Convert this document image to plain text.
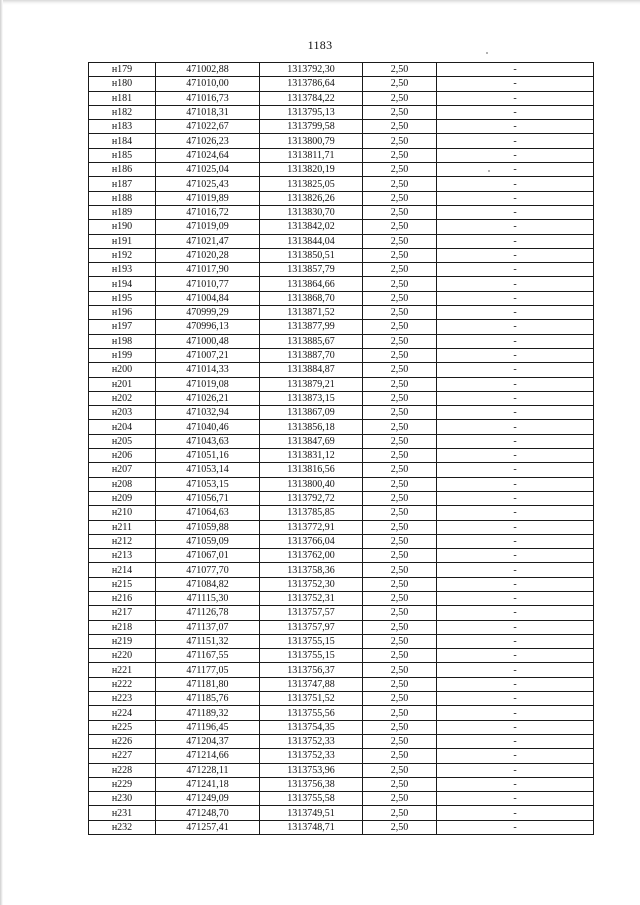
1183
н179	471002,88	1313792,30	2,50	-
н180	471010,00	1313786,64	2,50	-
н181	471016,73	1313784,22	2,50	-
н182	471018,31	1313795,13	2,50	-
н183	471022,67	1313799,58	2,50	-
н184	471026,23	1313800,79	2,50	-
н185	471024,64	1313811,71	2,50	-
н186	471025,04	1313820,19	2,50	-
н187	471025,43	1313825,05	2,50	-
н188	471019,89	1313826,26	2,50	-
н189	471016,72	1313830,70	2,50	-
н190	471019,09	1313842,02	2,50	-
н191	471021,47	1313844,04	2,50	-
н192	471020,28	1313850,51	2,50	-
н193	471017,90	1313857,79	2,50	-
н194	471010,77	1313864,66	2,50	-
н195	471004,84	1313868,70	2,50	-
н196	470999,29	1313871,52	2,50	-
н197	470996,13	1313877,99	2,50	-
н198	471000,48	1313885,67	2,50	-
н199	471007,21	1313887,70	2,50	-
н200	471014,33	1313884,87	2,50	-
н201	471019,08	1313879,21	2,50	-
н202	471026,21	1313873,15	2,50	-
н203	471032,94	1313867,09	2,50	-
н204	471040,46	1313856,18	2,50	-
н205	471043,63	1313847,69	2,50	-
н206	471051,16	1313831,12	2,50	-
н207	471053,14	1313816,56	2,50	-
н208	471053,15	1313800,40	2,50	-
н209	471056,71	1313792,72	2,50	-
н210	471064,63	1313785,85	2,50	-
н211	471059,88	1313772,91	2,50	-
н212	471059,09	1313766,04	2,50	-
н213	471067,01	1313762,00	2,50	-
н214	471077,70	1313758,36	2,50	-
н215	471084,82	1313752,30	2,50	-
н216	471115,30	1313752,31	2,50	-
н217	471126,78	1313757,57	2,50	-
н218	471137,07	1313757,97	2,50	-
н219	471151,32	1313755,15	2,50	-
н220	471167,55	1313755,15	2,50	-
н221	471177,05	1313756,37	2,50	-
н222	471181,80	1313747,88	2,50	-
н223	471185,76	1313751,52	2,50	-
н224	471189,32	1313755,56	2,50	-
н225	471196,45	1313754,35	2,50	-
н226	471204,37	1313752,33	2,50	-
н227	471214,66	1313752,33	2,50	-
н228	471228,11	1313753,96	2,50	-
н229	471241,18	1313756,38	2,50	-
н230	471249,09	1313755,58	2,50	-
н231	471248,70	1313749,51	2,50	-
н232	471257,41	1313748,71	2,50	-
